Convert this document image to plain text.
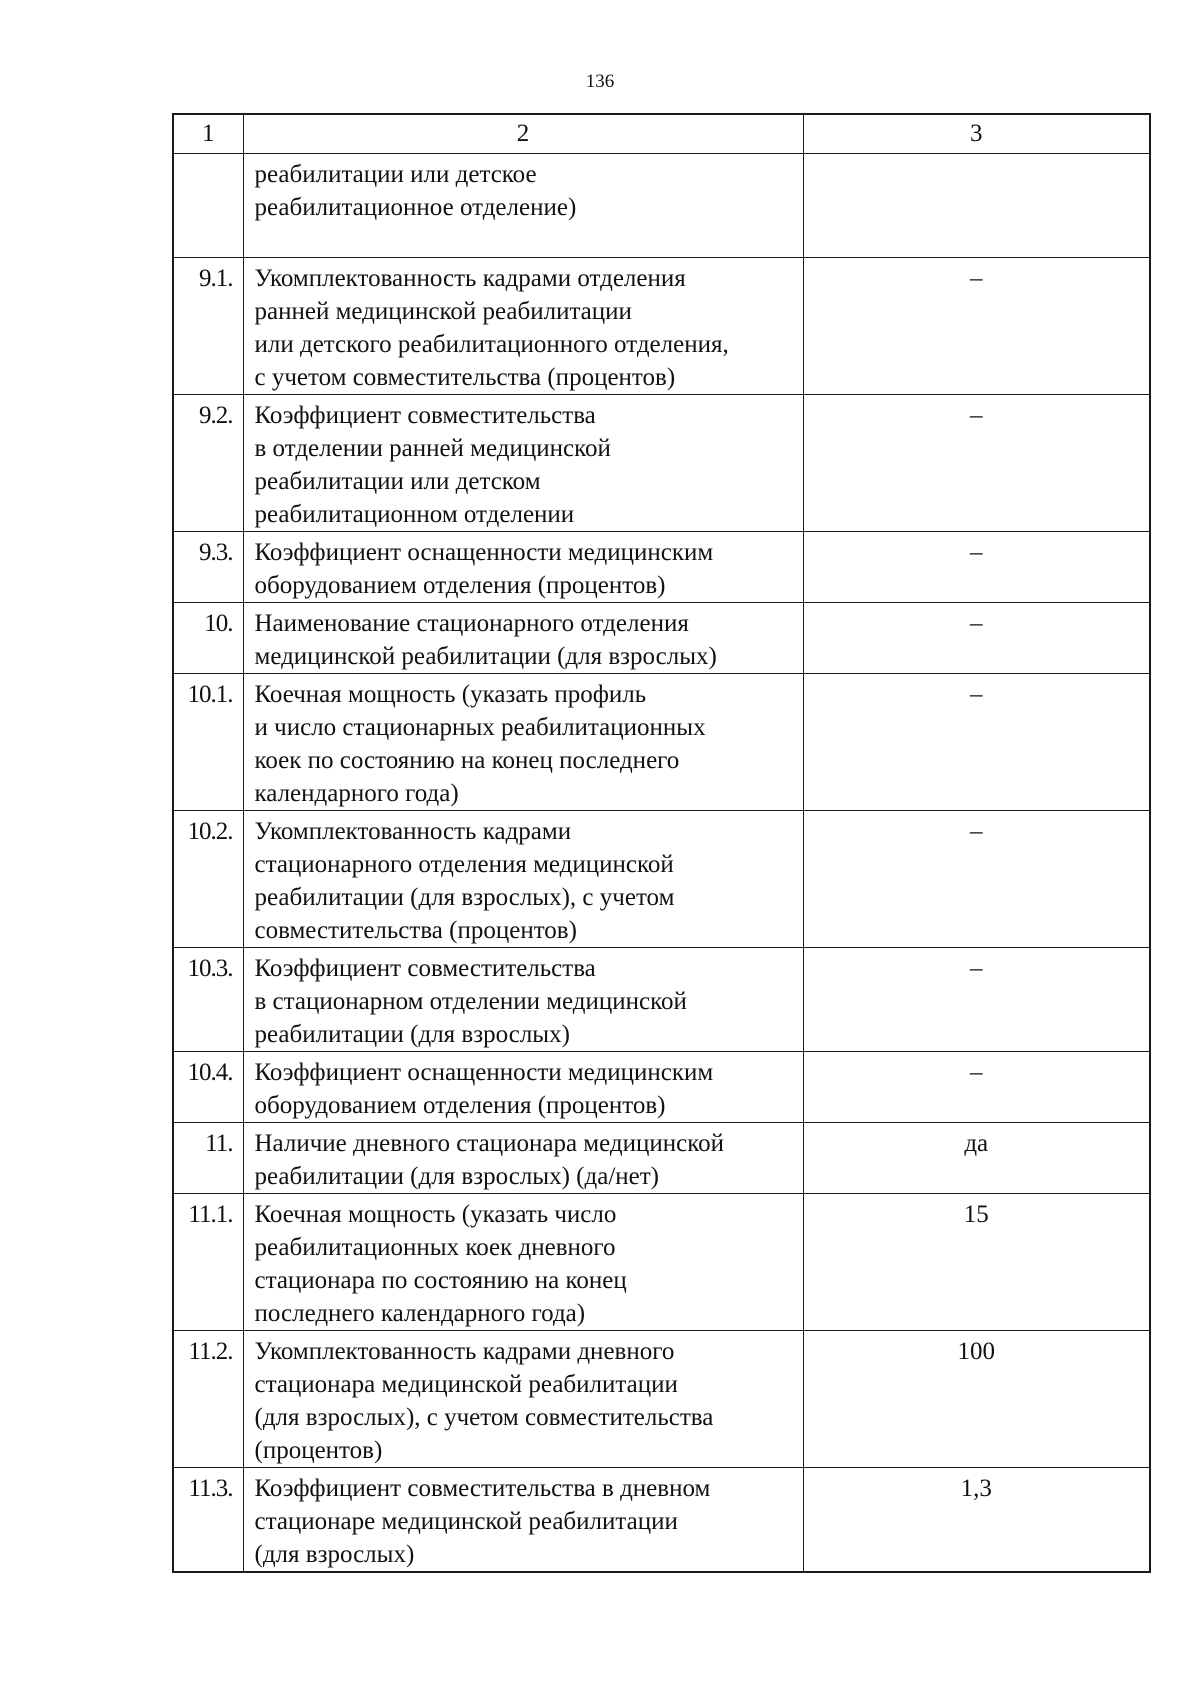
136
1	2	3

	реабилитации или детское
реабилитационное отделение)	

9.1.	Укомплектованность кадрами отделения
ранней медицинской реабилитации
или детского реабилитационного отделения,
с учетом совместительства (процентов)	–
9.2.	Коэффициент совместительства
в отделении ранней медицинской
реабилитации или детском
реабилитационном отделении	–
9.3.	Коэффициент оснащенности медицинским
оборудованием отделения (процентов)	–
10.	Наименование стационарного отделения
медицинской реабилитации (для взрослых)	–
10.1.	Коечная мощность (указать профиль
и число стационарных реабилитационных
коек по состоянию на конец последнего
календарного года)	–
10.2.	Укомплектованность кадрами
стационарного отделения медицинской
реабилитации (для взрослых), с учетом
совместительства (процентов)	–
10.3.	Коэффициент совместительства
в стационарном отделении медицинской
реабилитации (для взрослых)	–
10.4.	Коэффициент оснащенности медицинским
оборудованием отделения (процентов)	–
11.	Наличие дневного стационара медицинской
реабилитации (для взрослых) (да/нет)	да
11.1.	Коечная мощность (указать число
реабилитационных коек дневного
стационара по состоянию на конец
последнего календарного года)	15
11.2.	Укомплектованность кадрами дневного
стационара медицинской реабилитации
(для взрослых), с учетом совместительства
(процентов)	100
11.3.	Коэффициент совместительства в дневном
стационаре медицинской реабилитации
(для взрослых)	1,3
